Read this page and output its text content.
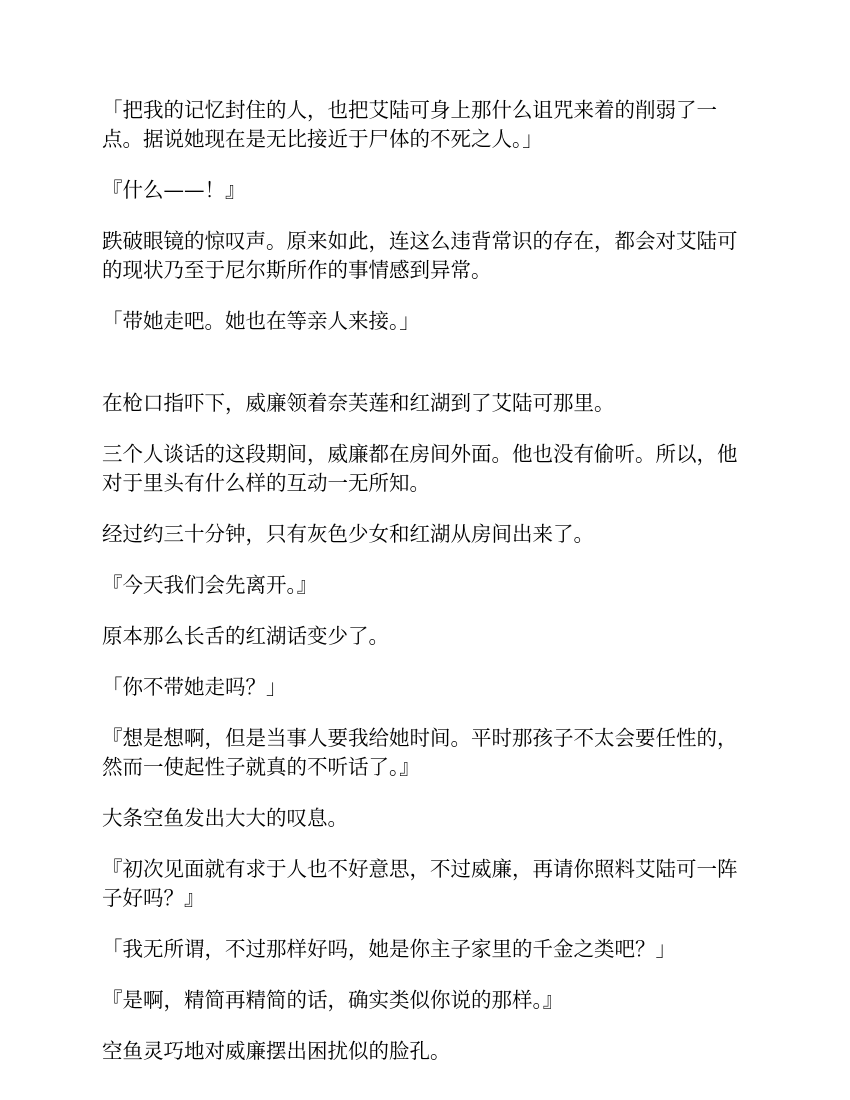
「把我的记忆封住的人，也把艾陆可身上那什么诅咒来着的削弱了一点。据说她现在是无比接近于尸体的不死之人。」

『什么——！』

跌破眼镜的惊叹声。原来如此，连这么违背常识的存在，都会对艾陆可的现状乃至于尼尔斯所作的事情感到异常。

「带她走吧。她也在等亲人来接。」

在枪口指吓下，威廉领着奈芙莲和红湖到了艾陆可那里。

三个人谈话的这段期间，威廉都在房间外面。他也没有偷听。所以，他对于里头有什么样的互动一无所知。

经过约三十分钟，只有灰色少女和红湖从房间出来了。

『今天我们会先离开。』

原本那么长舌的红湖话变少了。

「你不带她走吗？」

『想是想啊，但是当事人要我给她时间。平时那孩子不太会要任性的，然而一使起性子就真的不听话了。』

大条空鱼发出大大的叹息。

『初次见面就有求于人也不好意思，不过威廉，再请你照料艾陆可一阵子好吗？』

「我无所谓，不过那样好吗，她是你主子家里的千金之类吧？」

『是啊，精简再精简的话，确实类似你说的那样。』

空鱼灵巧地对威廉摆出困扰似的脸孔。
